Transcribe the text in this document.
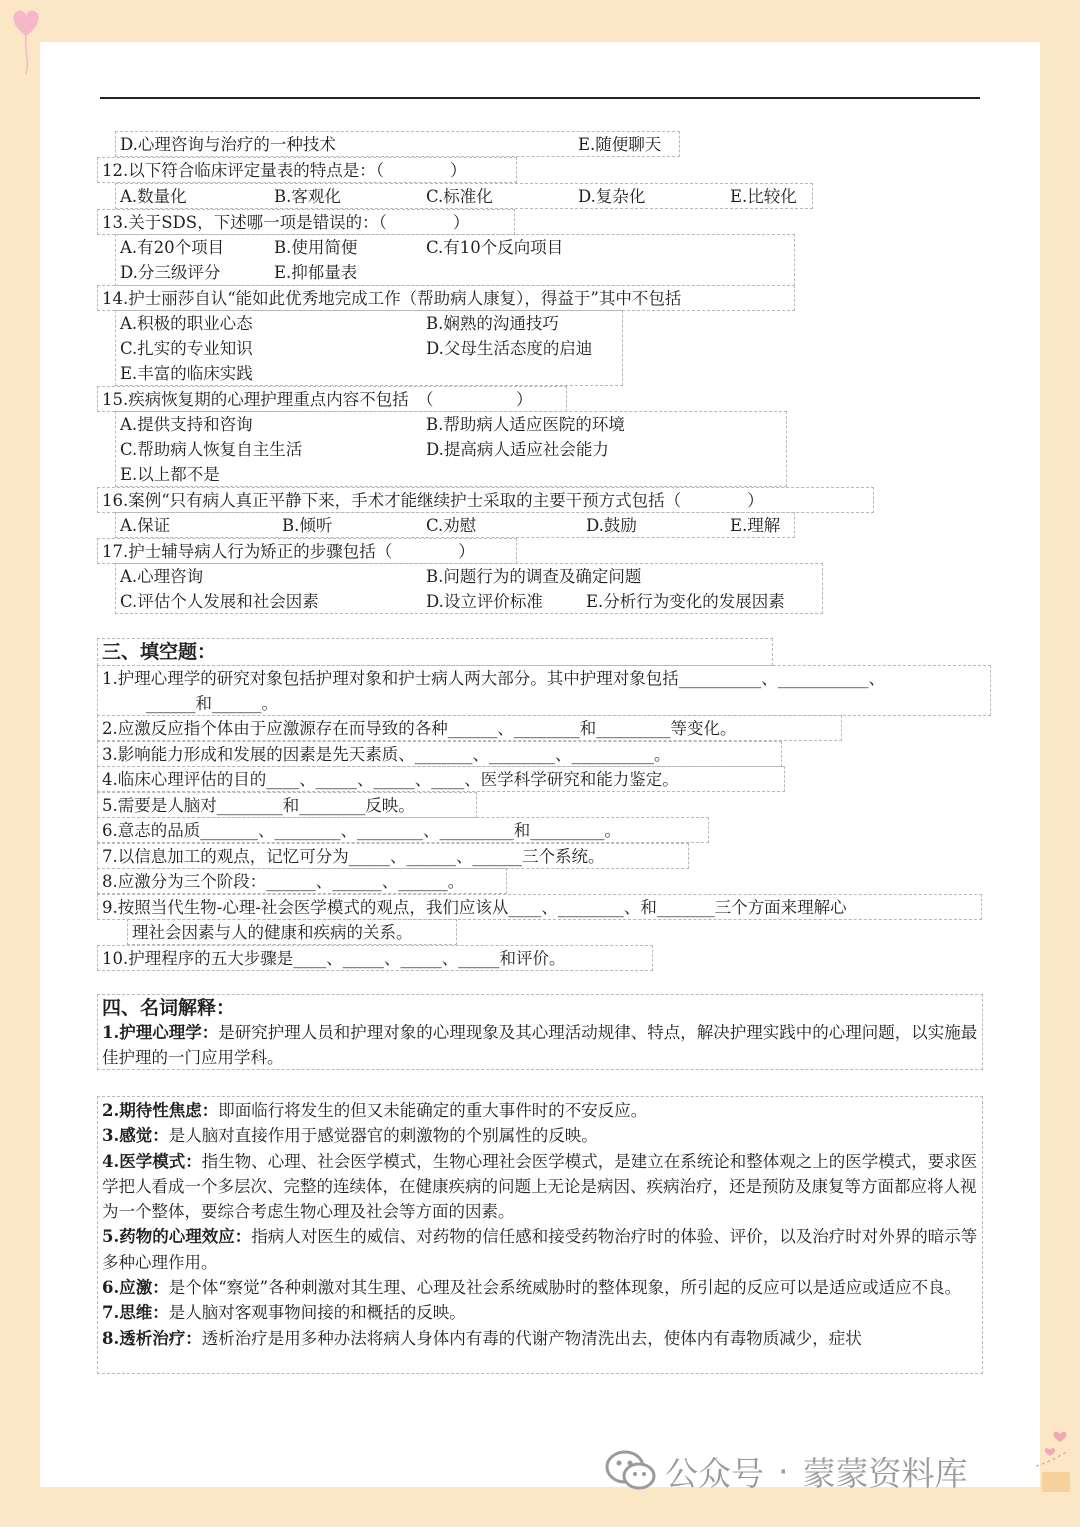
D.心理咨询与治疗的一种技术	E.随便聊天
12.以下符合临床评定量表的特点是：（　　　　）
A.数量化	B.客观化	C.标准化	D.复杂化	E.比较化
13.关于SDS，下述哪一项是错误的：（　　　　）
A.有20个项目	B.使用简便	C.有10个反向项目
D.分三级评分	E.抑郁量表
14.护士丽莎自认“能如此优秀地完成工作（帮助病人康复），得益于”其中不包括
A.积极的职业心态	B.娴熟的沟通技巧
C.扎实的专业知识	D.父母生活态度的启迪
E.丰富的临床实践
15.疾病恢复期的心理护理重点内容不包括　（　　　　　）
A.提供支持和咨询	B.帮助病人适应医院的环境
C.帮助病人恢复自主生活	D.提高病人适应社会能力
E.以上都不是
16.案例“只有病人真正平静下来，手术才能继续护士采取的主要干预方式包括（　　　　）
A.保证	B.倾听	C.劝慰	D.鼓励	E.理解
17.护士辅导病人行为矫正的步骤包括（　　　　）
A.心理咨询	B.问题行为的调查及确定问题
C.评估个人发展和社会因素	D.设立评价标准	E.分析行为变化的发展因素
三、填空题：
1.护理心理学的研究对象包括护理对象和护士病人两大部分。其中护理对象包括__________、___________、
______和______。
2.应激反应指个体由于应激源存在而导致的各种______、________和_________等变化。
3.影响能力形成和发展的因素是先天素质、_______、________、__________。
4.临床心理评估的目的____、_____、_____、____、医学科学研究和能力鉴定。
5.需要是人脑对________和________反映。
6.意志的品质_______、________、________、_________和_________。
7.以信息加工的观点，记忆可分为_____、______、______三个系统。
8.应激分为三个阶段：______、______、______。
9.按照当代生物-心理-社会医学模式的观点，我们应该从____、________、和_______三个方面来理解心
理社会因素与人的健康和疾病的关系。
10.护理程序的五大步骤是____、_____、_____、_____和评价。
四、名词解释：
1.护理心理学：是研究护理人员和护理对象的心理现象及其心理活动规律、特点，解决护理实践中的心理问题，以实施最佳护理的一门应用学科。
2.期待性焦虑：即面临行将发生的但又未能确定的重大事件时的不安反应。
3.感觉：是人脑对直接作用于感觉器官的刺激物的个别属性的反映。
4.医学模式：指生物、心理、社会医学模式，生物心理社会医学模式，是建立在系统论和整体观之上的医学模式，要求医学把人看成一个多层次、完整的连续体，在健康疾病的问题上无论是病因、疾病治疗，还是预防及康复等方面都应将人视为一个整体，要综合考虑生物心理及社会等方面的因素。
5.药物的心理效应：指病人对医生的威信、对药物的信任感和接受药物治疗时的体验、评价，以及治疗时对外界的暗示等多种心理作用。
6.应激：是个体“察觉”各种刺激对其生理、心理及社会系统威胁时的整体现象，所引起的反应可以是适应或适应不良。
7.思维：是人脑对客观事物间接的和概括的反映。
8.透析治疗：透析治疗是用多种办法将病人身体内有毒的代谢产物清洗出去，使体内有毒物质减少，症状
公众号 · 蒙蒙资料库
